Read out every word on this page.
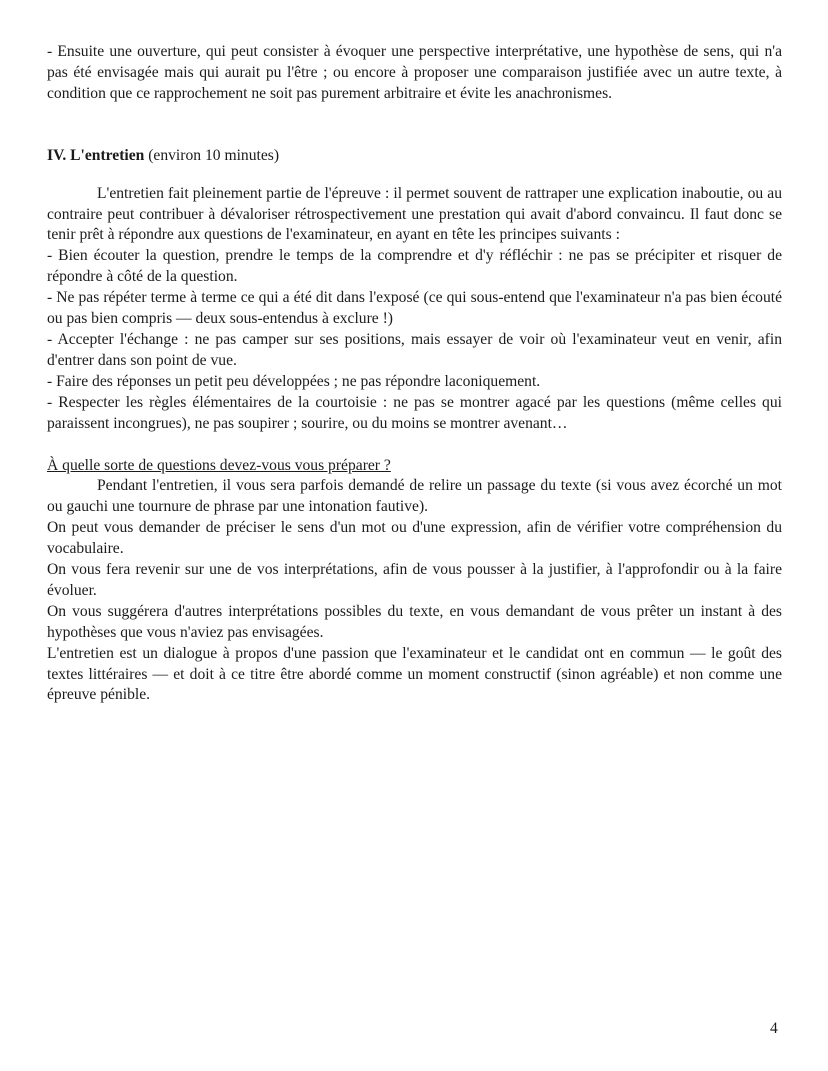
- Ensuite une ouverture, qui peut consister à évoquer une perspective interprétative, une hypothèse de sens, qui n'a pas été envisagée mais qui aurait pu l'être ; ou encore à proposer une comparaison justifiée avec un autre texte, à condition que ce rapprochement ne soit pas purement arbitraire et évite les anachronismes.

IV. L'entretien (environ 10 minutes)

L'entretien fait pleinement partie de l'épreuve : il permet souvent de rattraper une explication inaboutie, ou au contraire peut contribuer à dévaloriser rétrospectivement une prestation qui avait d'abord convaincu. Il faut donc se tenir prêt à répondre aux questions de l'examinateur, en ayant en tête les principes suivants :

- Bien écouter la question, prendre le temps de la comprendre et d'y réfléchir : ne pas se précipiter et risquer de répondre à côté de la question.

- Ne pas répéter terme à terme ce qui a été dit dans l'exposé (ce qui sous-entend que l'examinateur n'a pas bien écouté ou pas bien compris — deux sous-entendus à exclure !)

- Accepter l'échange : ne pas camper sur ses positions, mais essayer de voir où l'examinateur veut en venir, afin d'entrer dans son point de vue.

- Faire des réponses un petit peu développées ; ne pas répondre laconiquement.

- Respecter les règles élémentaires de la courtoisie : ne pas se montrer agacé par les questions (même celles qui paraissent incongrues), ne pas soupirer ; sourire, ou du moins se montrer avenant…

À quelle sorte de questions devez-vous vous préparer ?

Pendant l'entretien, il vous sera parfois demandé de relire un passage du texte (si vous avez écorché un mot ou gauchi une tournure de phrase par une intonation fautive).

On peut vous demander de préciser le sens d'un mot ou d'une expression, afin de vérifier votre compréhension du vocabulaire.

On vous fera revenir sur une de vos interprétations, afin de vous pousser à la justifier, à l'approfondir ou à la faire évoluer.

On vous suggérera d'autres interprétations possibles du texte, en vous demandant de vous prêter un instant à des hypothèses que vous n'aviez pas envisagées.

L'entretien est un dialogue à propos d'une passion que l'examinateur et le candidat ont en commun — le goût des textes littéraires — et doit à ce titre être abordé comme un moment constructif (sinon agréable) et non comme une épreuve pénible.

4
